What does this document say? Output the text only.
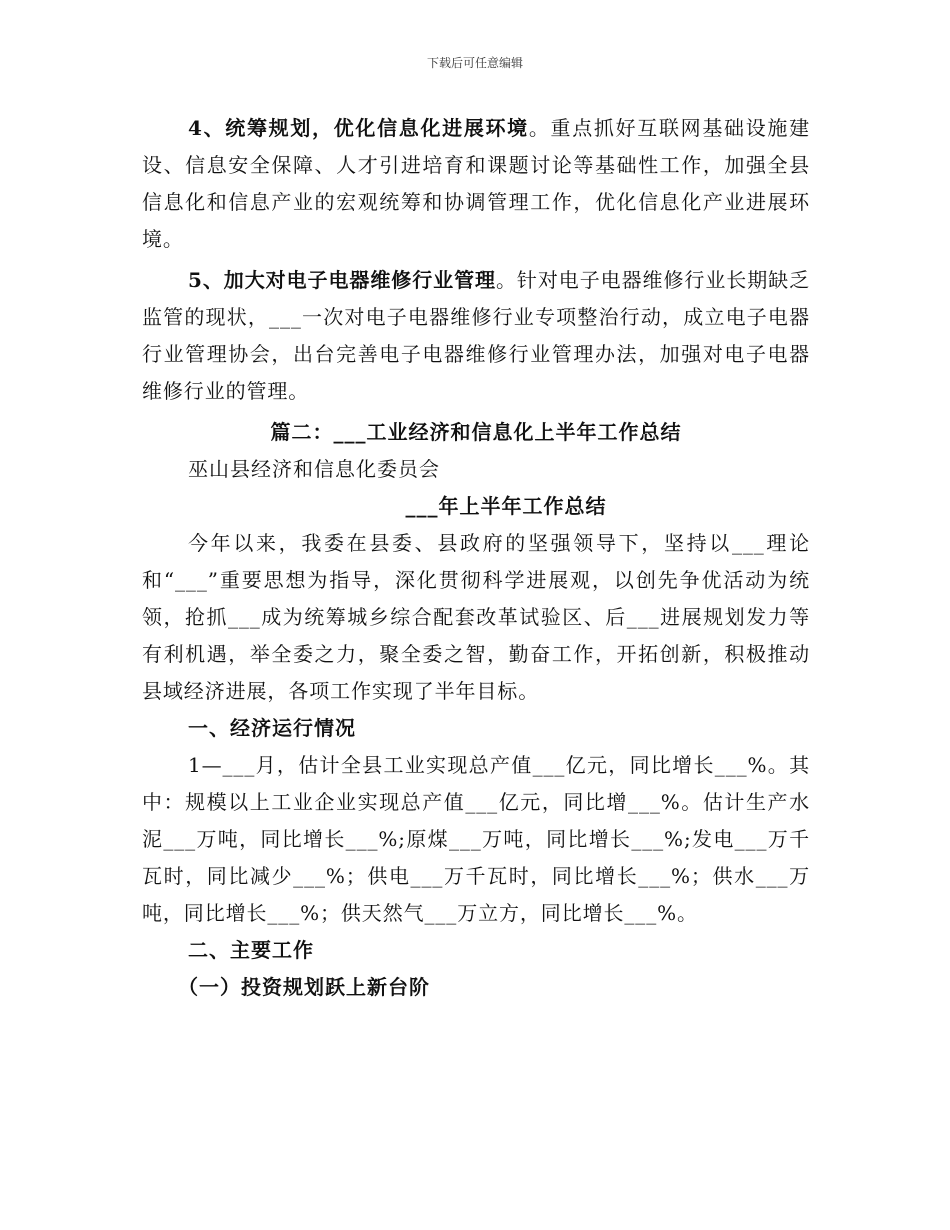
下载后可任意编辑

4、统筹规划，优化信息化进展环境。重点抓好互联网基础设施建设、信息安全保障、人才引进培育和课题讨论等基础性工作，加强全县信息化和信息产业的宏观统筹和协调管理工作，优化信息化产业进展环境。

5、加大对电子电器维修行业管理。针对电子电器维修行业长期缺乏监管的现状，___一次对电子电器维修行业专项整治行动，成立电子电器行业管理协会，出台完善电子电器维修行业管理办法，加强对电子电器维修行业的管理。

篇二：___工业经济和信息化上半年工作总结

巫山县经济和信息化委员会

___年上半年工作总结

今年以来，我委在县委、县政府的坚强领导下，坚持以___理论和“___”重要思想为指导，深化贯彻科学进展观，以创先争优活动为统领，抢抓___成为统筹城乡综合配套改革试验区、后___进展规划发力等有利机遇，举全委之力，聚全委之智，勤奋工作，开拓创新，积极推动县域经济进展，各项工作实现了半年目标。

一、经济运行情况

1—___月，估计全县工业实现总产值___亿元，同比增长___%。其中：规模以上工业企业实现总产值___亿元，同比增___%。估计生产水泥___万吨，同比增长___%;原煤___万吨，同比增长___%;发电___万千瓦时，同比减少___%；供电___万千瓦时，同比增长___%；供水___万吨，同比增长___%；供天然气___万立方，同比增长___%。

二、主要工作

（一）投资规划跃上新台阶
